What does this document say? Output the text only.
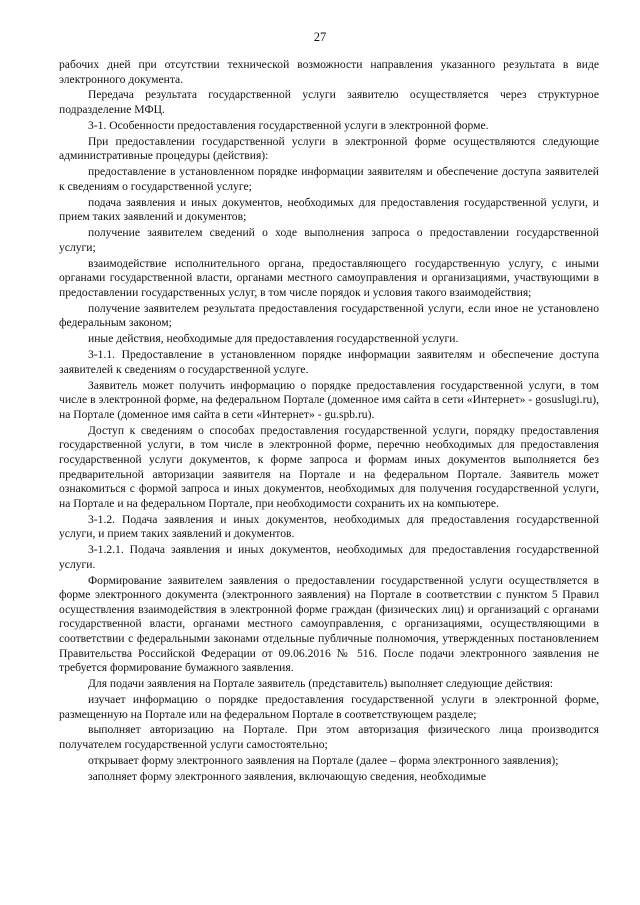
27

рабочих дней при отсутствии технической возможности направления указанного результата в виде электронного документа.

Передача результата государственной услуги заявителю осуществляется через структурное подразделение МФЦ.

3-1. Особенности предоставления государственной услуги в электронной форме.

При предоставлении государственной услуги в электронной форме осуществляются следующие административные процедуры (действия):

предоставление в установленном порядке информации заявителям и обеспечение доступа заявителей к сведениям о государственной услуге;

подача заявления и иных документов, необходимых для предоставления государственной услуги, и прием таких заявлений и документов;

получение заявителем сведений о ходе выполнения запроса о предоставлении государственной услуги;

взаимодействие исполнительного органа, предоставляющего государственную услугу, с иными органами государственной власти, органами местного самоуправления и организациями, участвующими в предоставлении государственных услуг, в том числе порядок и условия такого взаимодействия;

получение заявителем результата предоставления государственной услуги, если иное не установлено федеральным законом;

иные действия, необходимые для предоставления государственной услуги.

3-1.1. Предоставление в установленном порядке информации заявителям и обеспечение доступа заявителей к сведениям о государственной услуге.

Заявитель может получить информацию о порядке предоставления государственной услуги, в том числе в электронной форме, на федеральном Портале (доменное имя сайта в сети «Интернет» - gosuslugi.ru), на Портале (доменное имя сайта в сети «Интернет» - gu.spb.ru).

Доступ к сведениям о способах предоставления государственной услуги, порядку предоставления государственной услуги, в том числе в электронной форме, перечню необходимых для предоставления государственной услуги документов, к форме запроса и формам иных документов выполняется без предварительной авторизации заявителя на Портале и на федеральном Портале. Заявитель может ознакомиться с формой запроса и иных документов, необходимых для получения государственной услуги, на Портале и на федеральном Портале, при необходимости сохранить их на компьютере.

3-1.2. Подача заявления и иных документов, необходимых для предоставления государственной услуги, и прием таких заявлений и документов.

3-1.2.1. Подача заявления и иных документов, необходимых для предоставления государственной услуги.

Формирование заявителем заявления о предоставлении государственной услуги осуществляется в форме электронного документа (электронного заявления) на Портале в соответствии с пунктом 5 Правил осуществления взаимодействия в электронной форме граждан (физических лиц) и организаций с органами государственной власти, органами местного самоуправления, с организациями, осуществляющими в соответствии с федеральными законами отдельные публичные полномочия, утвержденных постановлением Правительства Российской Федерации от 09.06.2016 № 516. После подачи электронного заявления не требуется формирование бумажного заявления.

Для подачи заявления на Портале заявитель (представитель) выполняет следующие действия:

изучает информацию о порядке предоставления государственной услуги в электронной форме, размещенную на Портале или на федеральном Портале в соответствующем разделе;

выполняет авторизацию на Портале. При этом авторизация физического лица производится получателем государственной услуги самостоятельно;

открывает форму электронного заявления на Портале (далее – форма электронного заявления);

заполняет форму электронного заявления, включающую сведения, необходимые
